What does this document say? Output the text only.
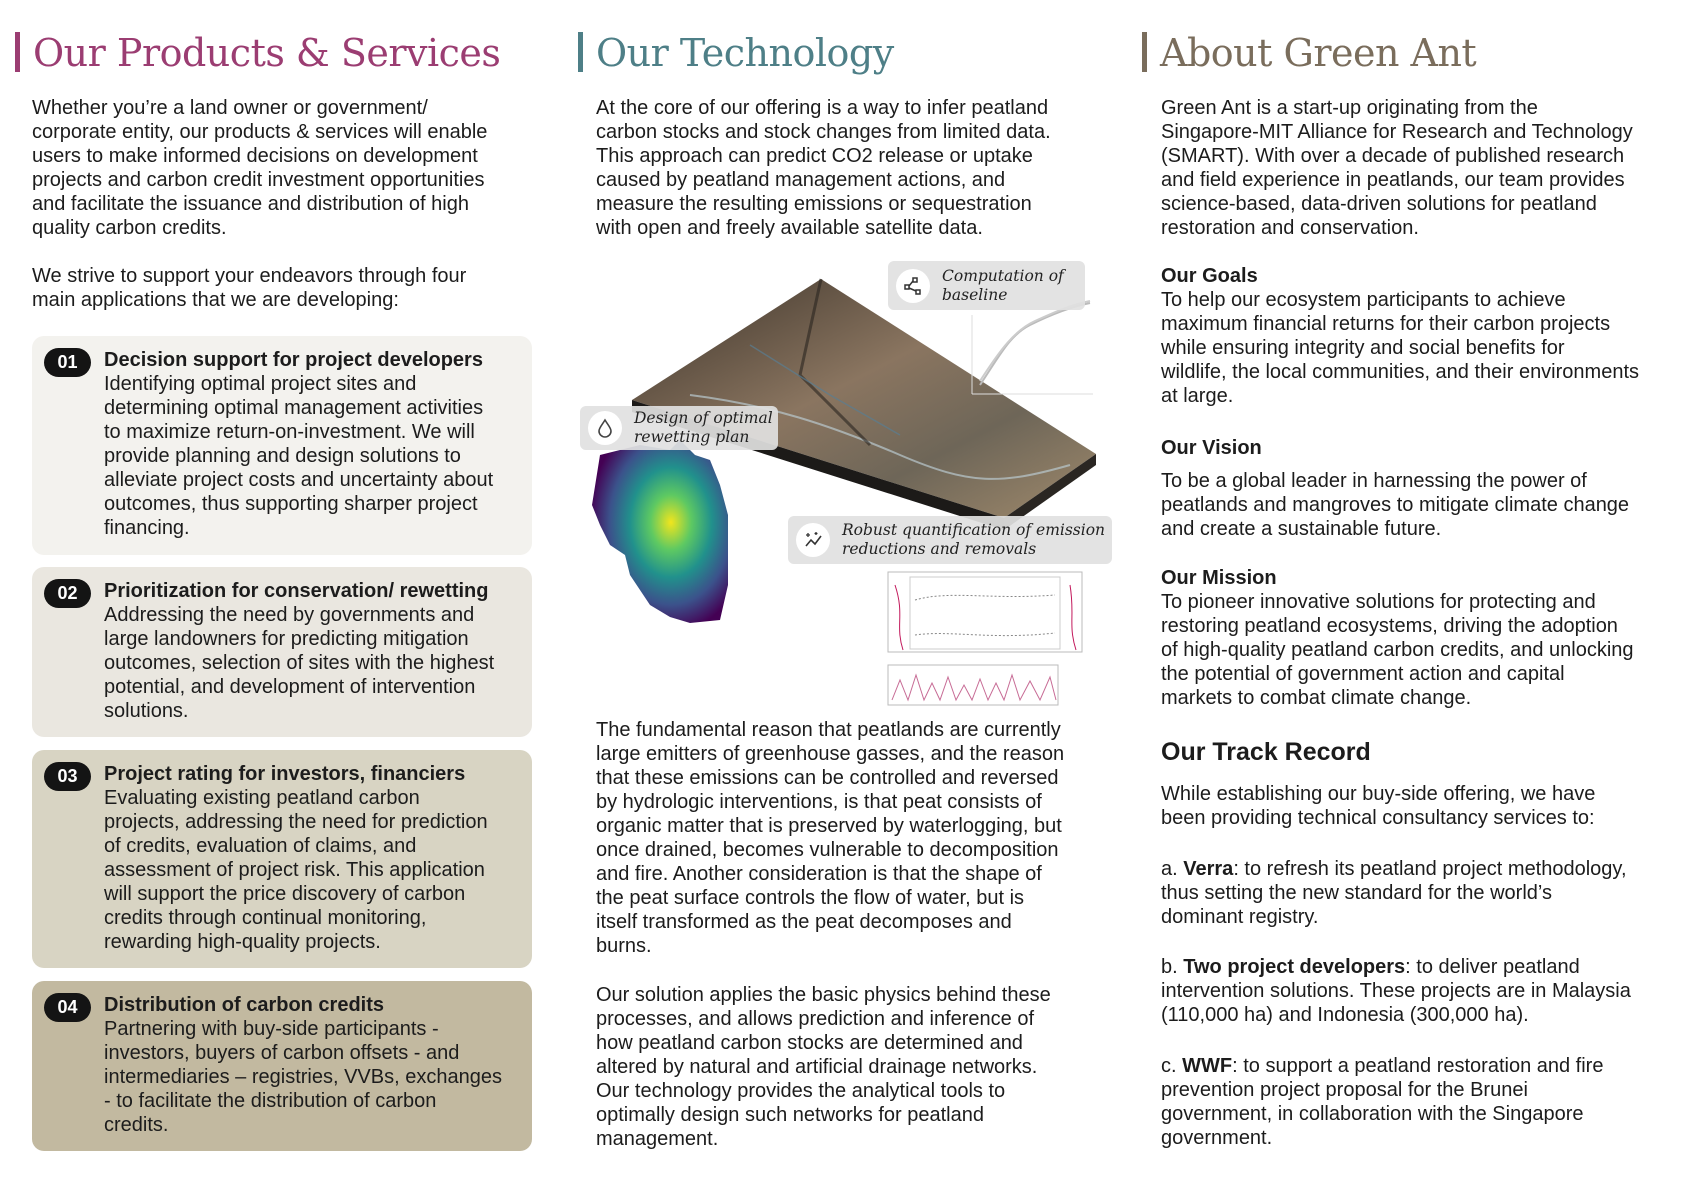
Our Products & Services

Whether you’re a land owner or government/
corporate entity, our products & services will enable
users to make informed decisions on development
projects and carbon credit investment opportunities
and facilitate the issuance and distribution of high
quality carbon credits.

We strive to support your endeavors through four
main applications that we are developing:

01	Decision support for project developers
Identifying optimal project sites and
determining optimal management activities
to maximize return-on-investment. We will
provide planning and design solutions to
alleviate project costs and uncertainty about
outcomes, thus supporting sharper project
financing.
02	Prioritization for conservation/ rewetting
Addressing the need by governments and
large landowners for predicting mitigation
outcomes, selection of sites with the highest
potential, and development of intervention
solutions.
03	Project rating for investors, financiers
Evaluating existing peatland carbon
projects, addressing the need for prediction
of credits, evaluation of claims, and
assessment of project risk. This application
will support the price discovery of carbon
credits through continual monitoring,
rewarding high-quality projects.
04	Distribution of carbon credits
Partnering with buy-side participants -
investors, buyers of carbon offsets - and
intermediaries – registries, VVBs, exchanges
- to facilitate the distribution of carbon
credits.
Our Technology

At the core of our offering is a way to infer peatland
carbon stocks and stock changes from limited data.
This approach can predict CO2 release or uptake
caused by peatland management actions, and
measure the resulting emissions or sequestration
with open and freely available satellite data.

Computation of
baseline
Design of optimal
rewetting plan
Robust quantification of emission
reductions and removals

The fundamental reason that peatlands are currently
large emitters of greenhouse gasses, and the reason
that these emissions can be controlled and reversed
by hydrologic interventions, is that peat consists of
organic matter that is preserved by waterlogging, but
once drained, becomes vulnerable to decomposition
and fire. Another consideration is that the shape of
the peat surface controls the flow of water, but is
itself transformed as the peat decomposes and
burns.

Our solution applies the basic physics behind these
processes, and allows prediction and inference of
how peatland carbon stocks are determined and
altered by natural and artificial drainage networks.
Our technology provides the analytical tools to
optimally design such networks for peatland
management.

About Green Ant

Green Ant is a start-up originating from the
Singapore-MIT Alliance for Research and Technology
(SMART). With over a decade of published research
and field experience in peatlands, our team provides
science-based, data-driven solutions for peatland
restoration and conservation.

Our Goals

To help our ecosystem participants to achieve
maximum financial returns for their carbon projects
while ensuring integrity and social benefits for
wildlife, the local communities, and their environments
at large.

Our Vision

To be a global leader in harnessing the power of
peatlands and mangroves to mitigate climate change
and create a sustainable future.

Our Mission

To pioneer innovative solutions for protecting and
restoring peatland ecosystems, driving the adoption
of high-quality peatland carbon credits, and unlocking
the potential of government action and capital
markets to combat climate change.

Our Track Record

While establishing our buy-side offering, we have
been providing technical consultancy services to:

a. Verra: to refresh its peatland project methodology,
thus setting the new standard for the world’s
dominant registry.

b. Two project developers: to deliver peatland
intervention solutions. These projects are in Malaysia
(110,000 ha) and Indonesia (300,000 ha).

c. WWF: to support a peatland restoration and fire
prevention project proposal for the Brunei
government, in collaboration with the Singapore
government.
